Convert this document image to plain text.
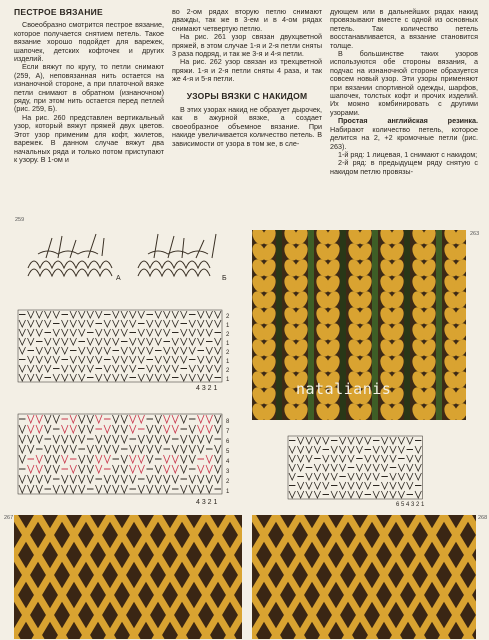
ПЕСТРОЕ ВЯЗАНИЕ

Своеобразно смотрится пестрое вязание, которое получается снятием петель. Такое вязание хорошо подойдет для варежек, шапочек, детских кофточек и других изделий.

Если вяжут по кругу, то петли снимают (259, А), неповязанная нить остается на изнаночной стороне, а при платочной вязке петли снимают в обратном (изнаночном) ряду, при этом нить остается перед петлей (рис. 259, Б).

На рис. 260 представлен вертикальный узор, который вяжут пряжей двух цветов. Этот узор применим для кофт, жилетов, варежек. В данном случае вяжут два начальных ряда и только потом приступают к узору. В 1-ом и

во 2-ом рядах вторую петлю снимают дважды, так же в 3-ем и в 4-ом рядах снимают четвертую петлю.

На рис. 261 узор связан двухцветной пряжей, в этом случае 1-я и 2-я петли сняты 3 раза подряд, и так же 3-я и 4-я петли.

На рис. 262 узор связан из трехцветной пряжи. 1-я и 2-я петли сняты 4 раза, и так же 4-я и 5-я петли.

УЗОРЫ ВЯЗКИ С НАКИДОМ

В этих узорах накид не образует дырочек, как в ажурной вязке, а создает своеобразное объемное вязание. При накиде увеличивается количество петель. В зависимости от узора в том же, в сле-

дующем или в дальнейших рядах накид провязывают вместе с одной из основных петель. Так количество петель восстанавливается, а вязание становится толще.

В большинстве таких узоров используются обе стороны вязания, а подчас на изнаночной стороне образуется совсем новый узор. Эти узоры применяют при вязании спортивной одежды, шарфов, шапочек, толстых кофт и прочих изделий. Их можно комбинировать с другими узорами.

Простая английская резинка. Набирают количество петель, которое делится на 2, +2 кромочные петли (рис. 263).

1-й ряд: 1 лицевая, 1 снимают с накидом;

2-й ряд: в предыдущем ряду снятую с накидом петлю провязы-

259
А	Б
2
1
2
1
2
1
2
1
4 3 2 1
8
7
6
5
4
3
2
1
4 3 2 1	6 5 4 3 2 1
263
natalianis
267	268
